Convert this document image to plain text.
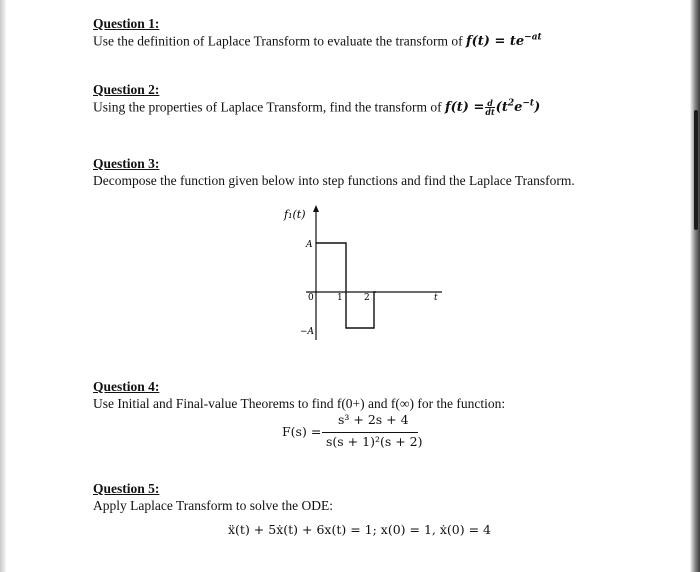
Question 1:
Use the definition of Laplace Transform to evaluate the transform of $f(t) = te^{-at}$
Question 2:
Using the properties of Laplace Transform, find the transform of $f(t) = \frac{d}{dt} (t^2e^{-t})$
Question 3:
Decompose the function given below into step functions and find the Laplace Transform.
f₁(t)
t
A
−A
0	1 2
Question 4:
Use Initial and Final-value Theorems to find f(0+) and f(∞) for the function:
F(s) =
s³ + 2s + 4
s(s + 1)²(s + 2)
Question 5:
Apply Laplace Transform to solve the ODE:
ẍ(t) + 5ẋ(t) + 6x(t) = 1; x(0) = 1, ẋ(0) = 4
